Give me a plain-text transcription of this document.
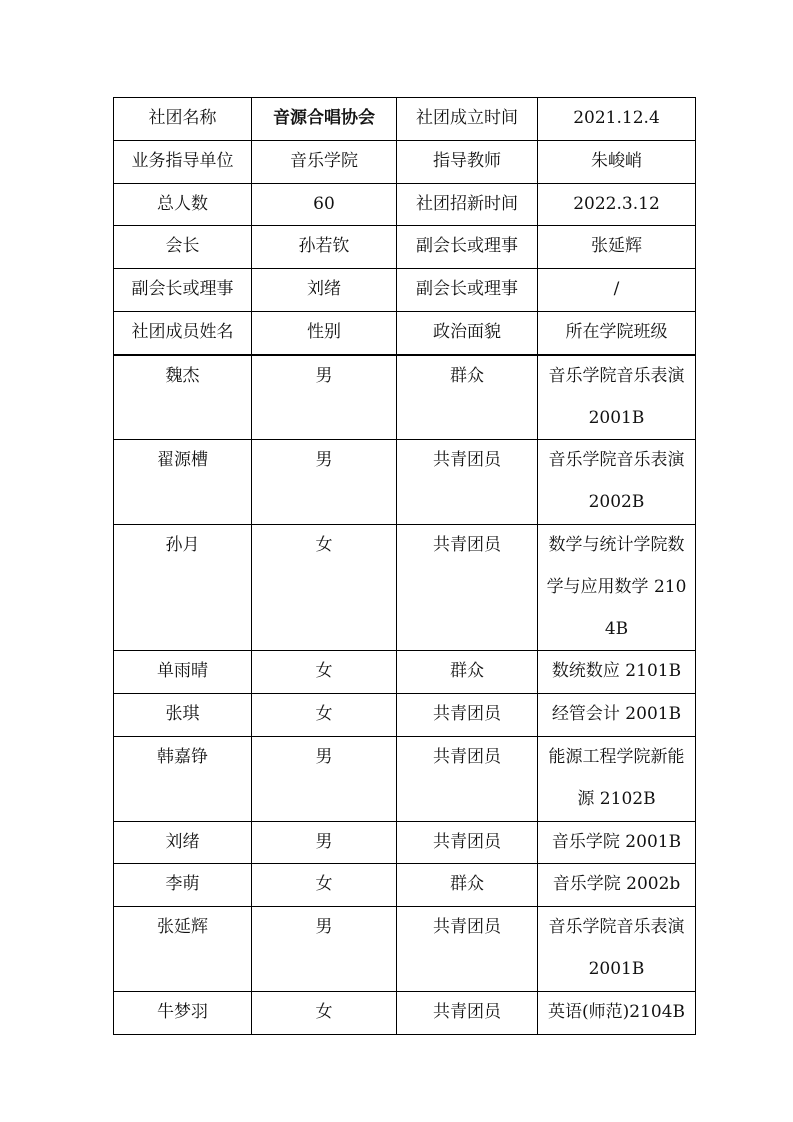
社团名称	音源合唱协会	社团成立时间	2021.12.4
业务指导单位	音乐学院	指导教师	朱峻峭
总人数	60	社团招新时间	2022.3.12
会长	孙若钦	副会长或理事	张延辉
副会长或理事	刘绪	副会长或理事	/
社团成员姓名	性别	政治面貌	所在学院班级
魏杰	男	群众	音乐学院音乐表演 2001B
翟源槽	男	共青团员	音乐学院音乐表演 2002B
孙月	女	共青团员	数学与统计学院数学与应用数学 2104B
单雨晴	女	群众	数统数应 2101B
张琪	女	共青团员	经管会计 2001B
韩嘉铮	男	共青团员	能源工程学院新能源 2102B
刘绪	男	共青团员	音乐学院 2001B
李萌	女	群众	音乐学院 2002b
张延辉	男	共青团员	音乐学院音乐表演 2001B
牛梦羽	女	共青团员	英语(师范)2104B
